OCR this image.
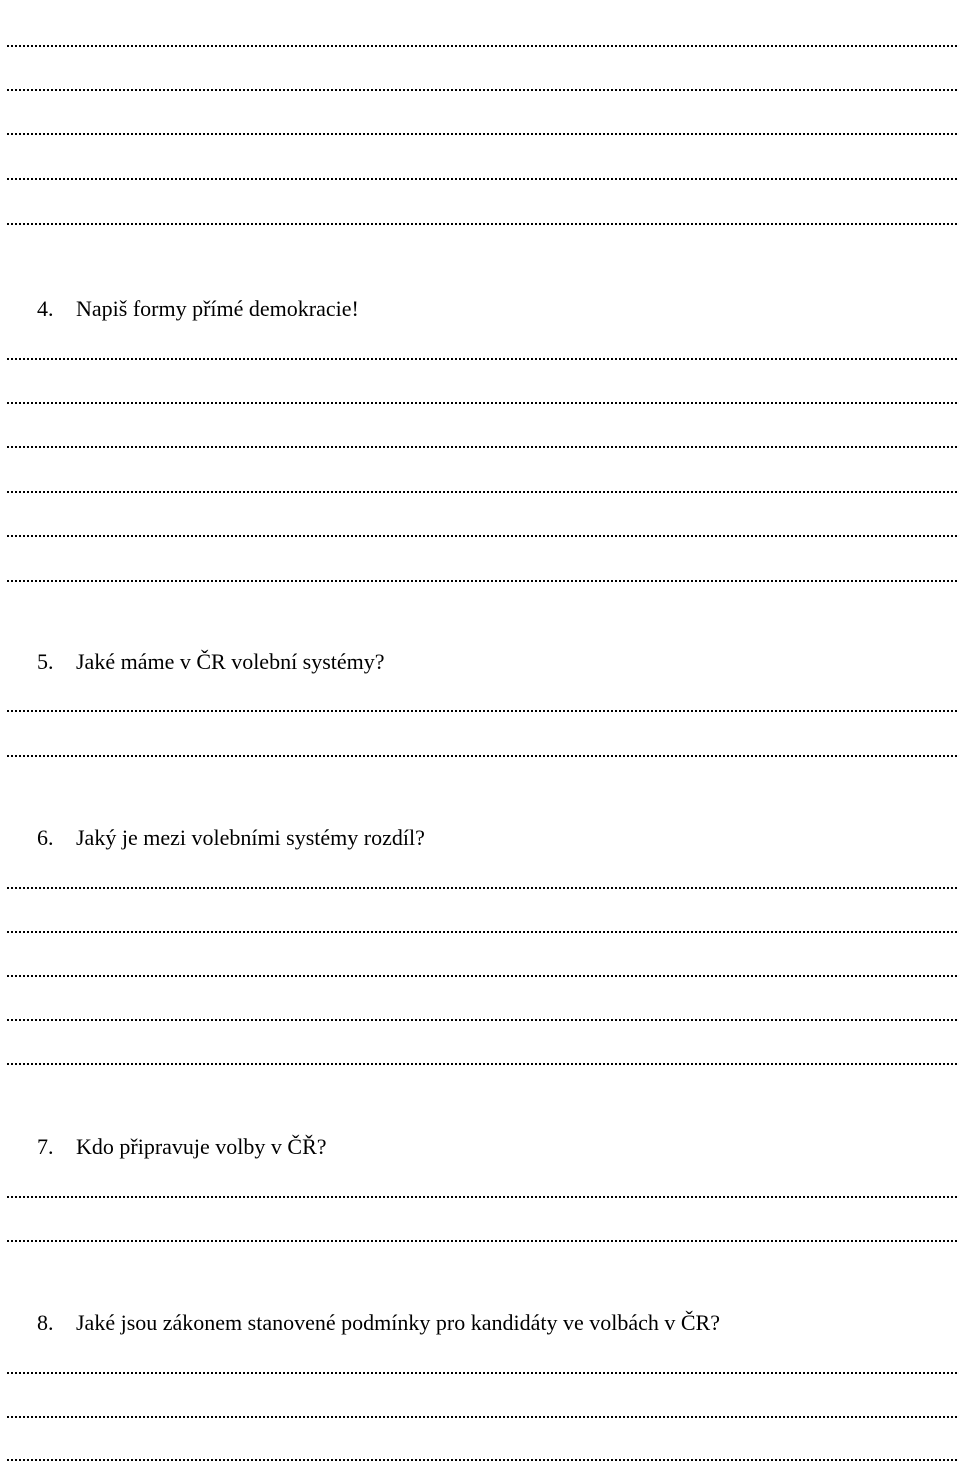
4. Napiš formy přímé demokracie!
5. Jaké máme v ČR volební systémy?
6. Jaký je mezi volebními systémy rozdíl?
7. Kdo připravuje volby v ČŘ?
8. Jaké jsou zákonem stanovené podmínky pro kandidáty ve volbách v ČR?
